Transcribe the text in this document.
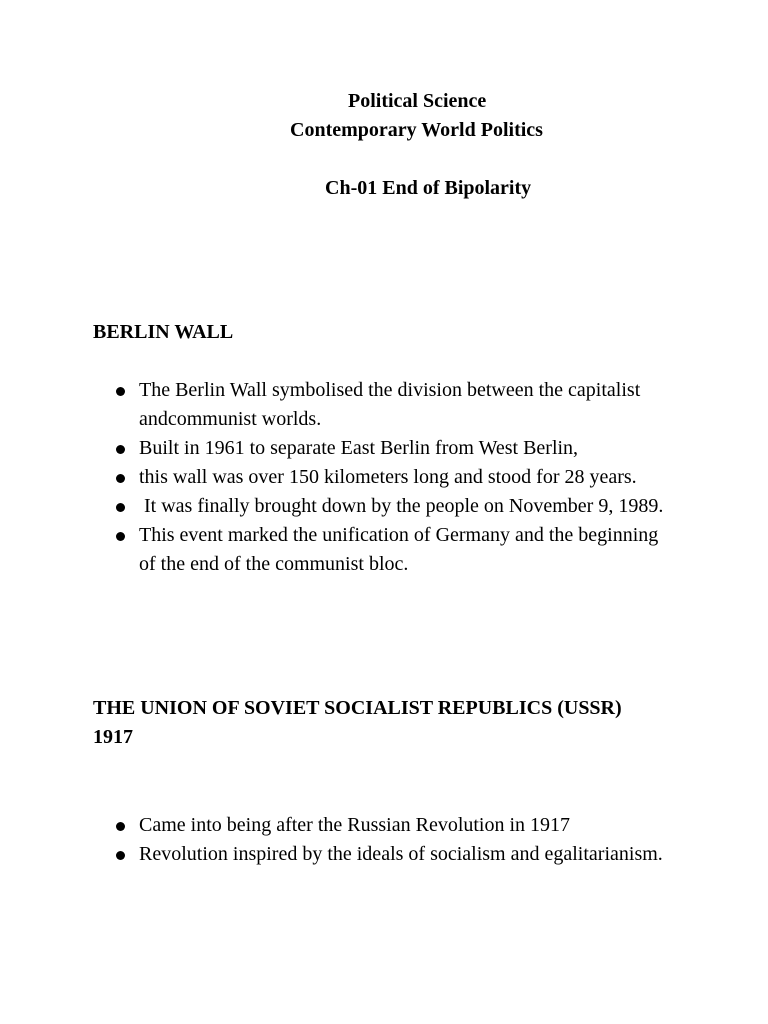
Political Science
Contemporary World Politics
Ch-01 End of Bipolarity
BERLIN WALL
The Berlin Wall symbolised the division between the capitalist andcommunist worlds.
Built in 1961 to separate East Berlin from West Berlin,
this wall was over 150 kilometers long and stood for 28 years.
It was finally brought down by the people on November 9, 1989.
This event marked the unification of Germany and the beginning of the end of the communist bloc.
THE UNION OF SOVIET SOCIALIST REPUBLICS (USSR)
1917
Came into being after the Russian Revolution in 1917
Revolution inspired by the ideals of socialism and egalitarianism.
